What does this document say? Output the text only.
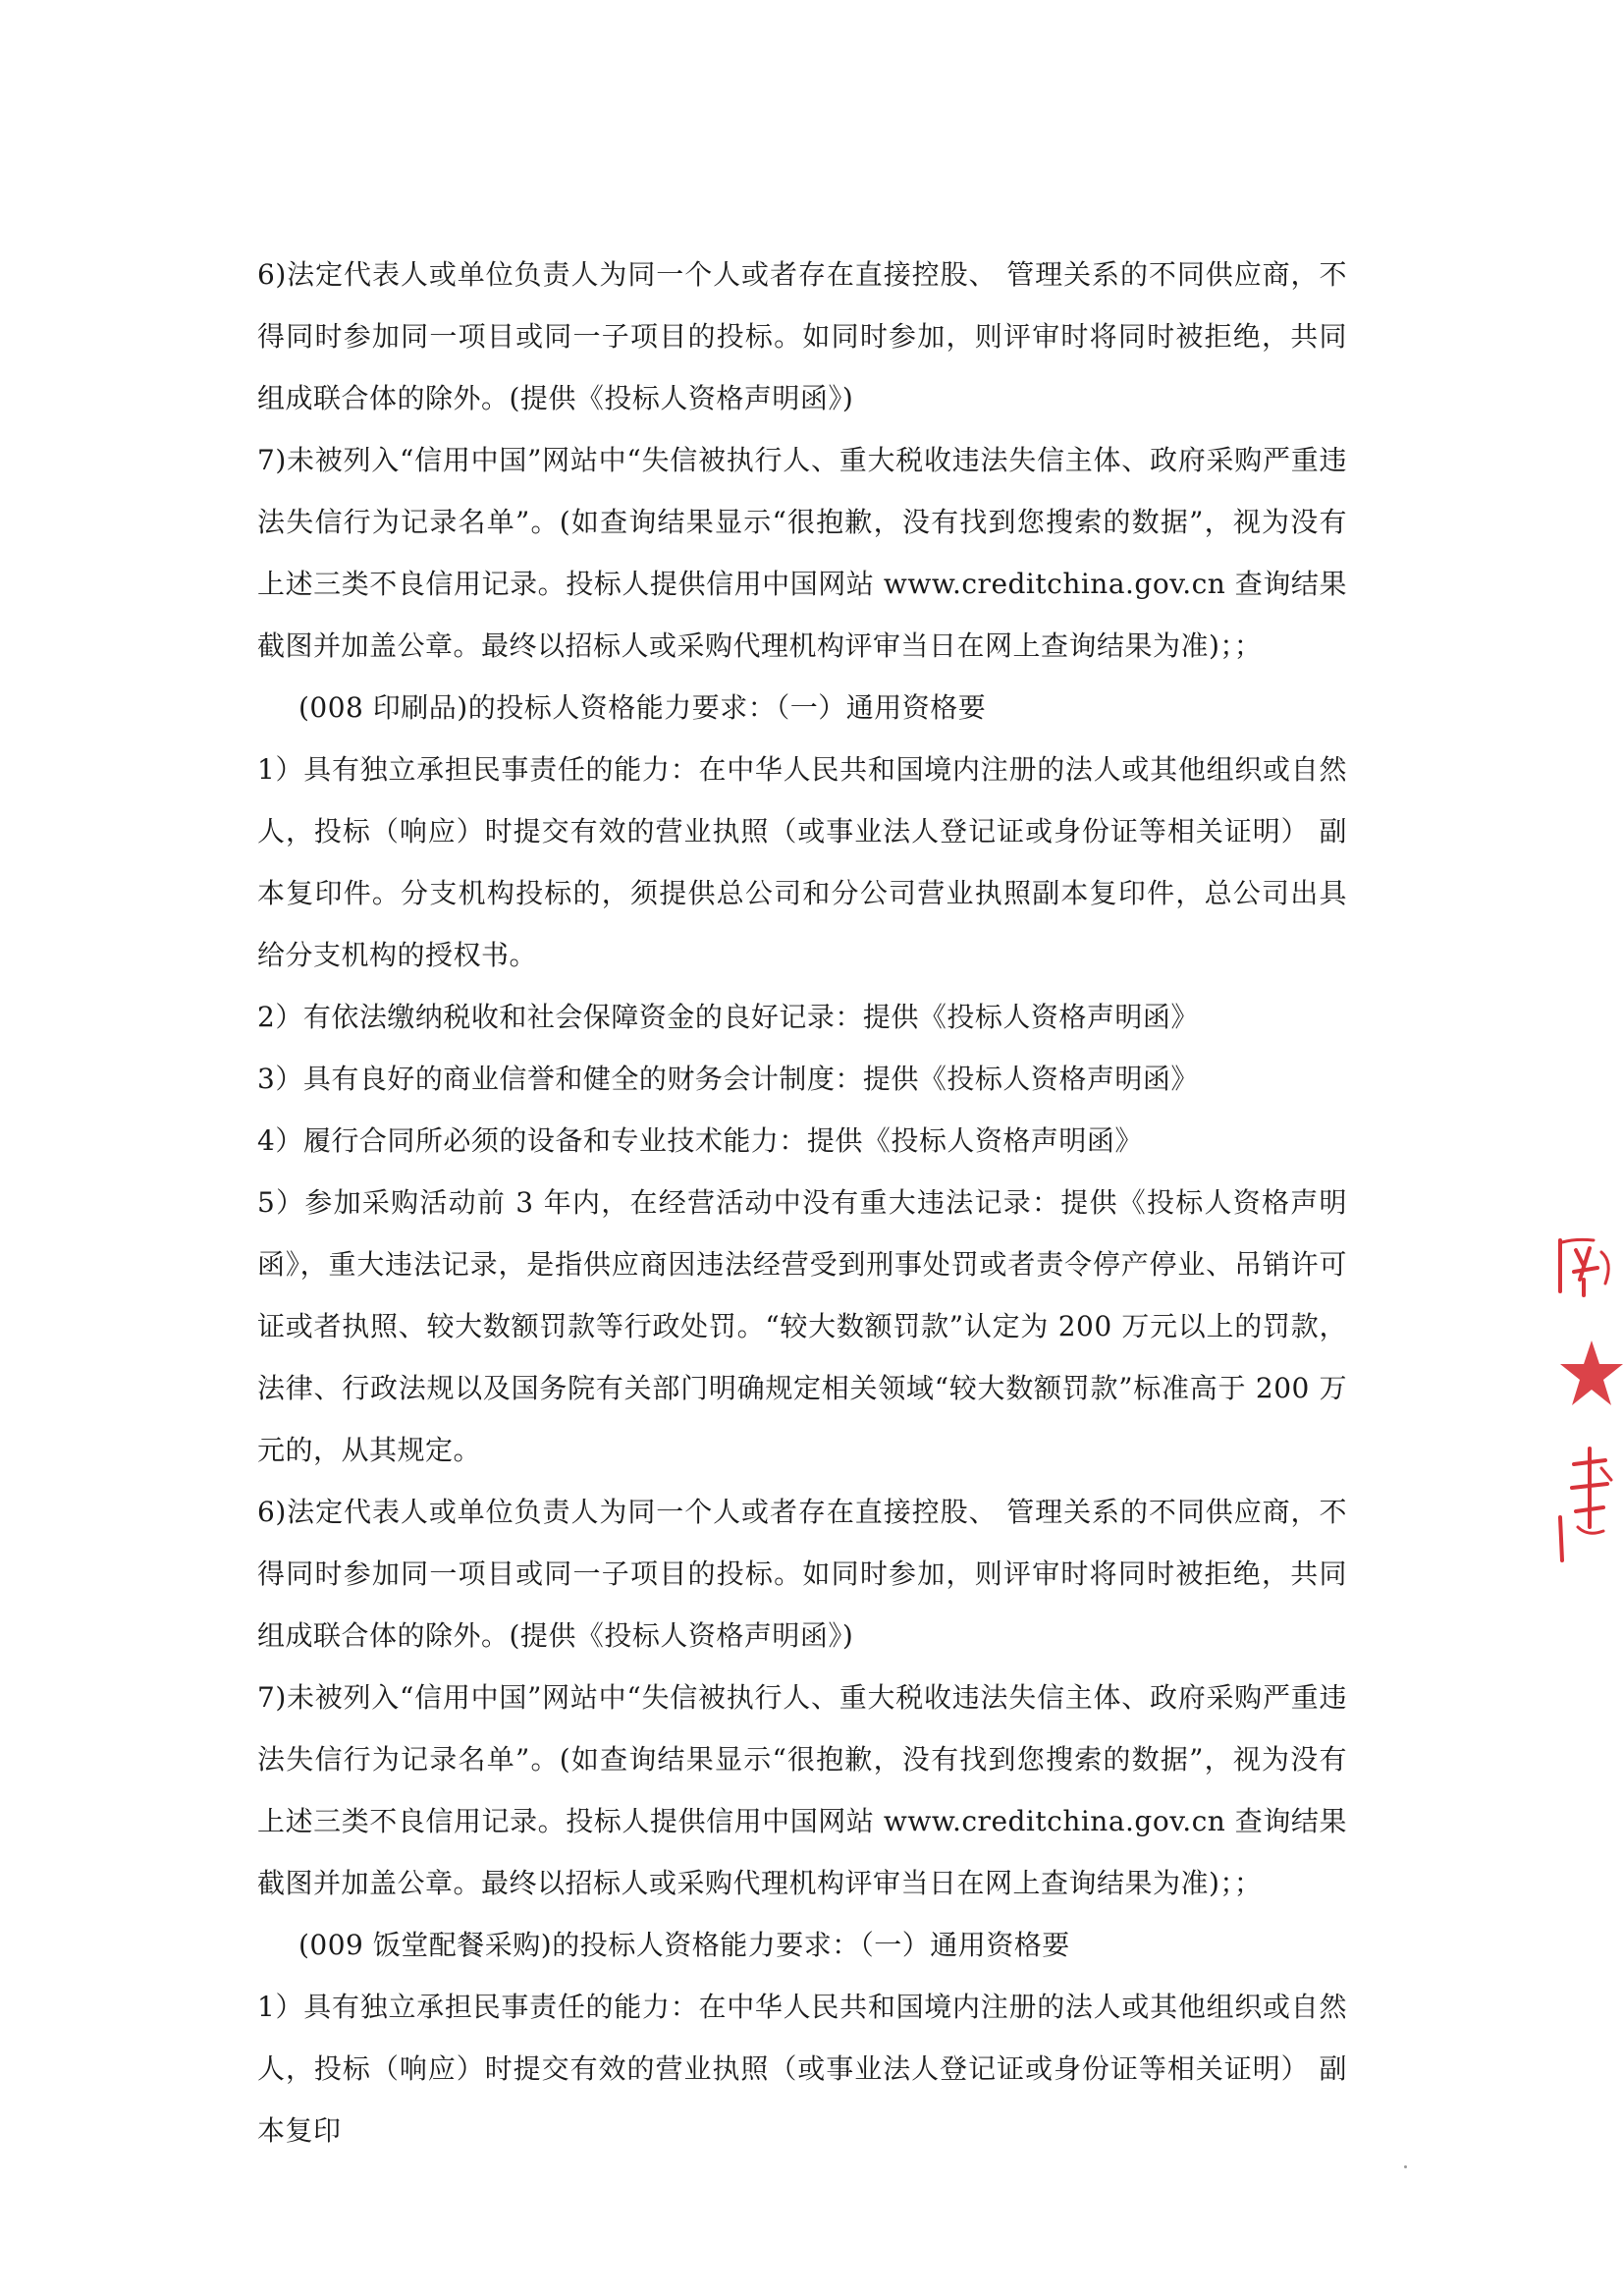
6)法定代表人或单位负责人为同一个人或者存在直接控股、 管理关系的不同供应商，不得同时参加同一项目或同一子项目的投标。如同时参加，则评审时将同时被拒绝，共同组成联合体的除外。(提供《投标人资格声明函》)

7)未被列入“信用中国”网站中“失信被执行人、重大税收违法失信主体、政府采购严重违法失信行为记录名单”。(如查询结果显示“很抱歉，没有找到您搜索的数据”，视为没有上述三类不良信用记录。投标人提供信用中国网站 www.creditchina.gov.cn 查询结果截图并加盖公章。最终以招标人或采购代理机构评审当日在网上查询结果为准)；；

(008 印刷品)的投标人资格能力要求：（一）通用资格要

1）具有独立承担民事责任的能力：在中华人民共和国境内注册的法人或其他组织或自然人，投标（响应）时提交有效的营业执照（或事业法人登记证或身份证等相关证明） 副本复印件。分支机构投标的，须提供总公司和分公司营业执照副本复印件，总公司出具给分支机构的授权书。

2）有依法缴纳税收和社会保障资金的良好记录：提供《投标人资格声明函》

3）具有良好的商业信誉和健全的财务会计制度：提供《投标人资格声明函》

4）履行合同所必须的设备和专业技术能力：提供《投标人资格声明函》

5）参加采购活动前 3 年内，在经营活动中没有重大违法记录：提供《投标人资格声明函》，重大违法记录，是指供应商因违法经营受到刑事处罚或者责令停产停业、吊销许可证或者执照、较大数额罚款等行政处罚。“较大数额罚款”认定为 200 万元以上的罚款，法律、行政法规以及国务院有关部门明确规定相关领域“较大数额罚款”标准高于 200 万元的，从其规定。

6)法定代表人或单位负责人为同一个人或者存在直接控股、 管理关系的不同供应商，不得同时参加同一项目或同一子项目的投标。如同时参加，则评审时将同时被拒绝，共同组成联合体的除外。(提供《投标人资格声明函》)

7)未被列入“信用中国”网站中“失信被执行人、重大税收违法失信主体、政府采购严重违法失信行为记录名单”。(如查询结果显示“很抱歉，没有找到您搜索的数据”，视为没有上述三类不良信用记录。投标人提供信用中国网站 www.creditchina.gov.cn 查询结果截图并加盖公章。最终以招标人或采购代理机构评审当日在网上查询结果为准)；；

(009 饭堂配餐采购)的投标人资格能力要求：（一）通用资格要

1）具有独立承担民事责任的能力：在中华人民共和国境内注册的法人或其他组织或自然人，投标（响应）时提交有效的营业执照（或事业法人登记证或身份证等相关证明） 副本复印
